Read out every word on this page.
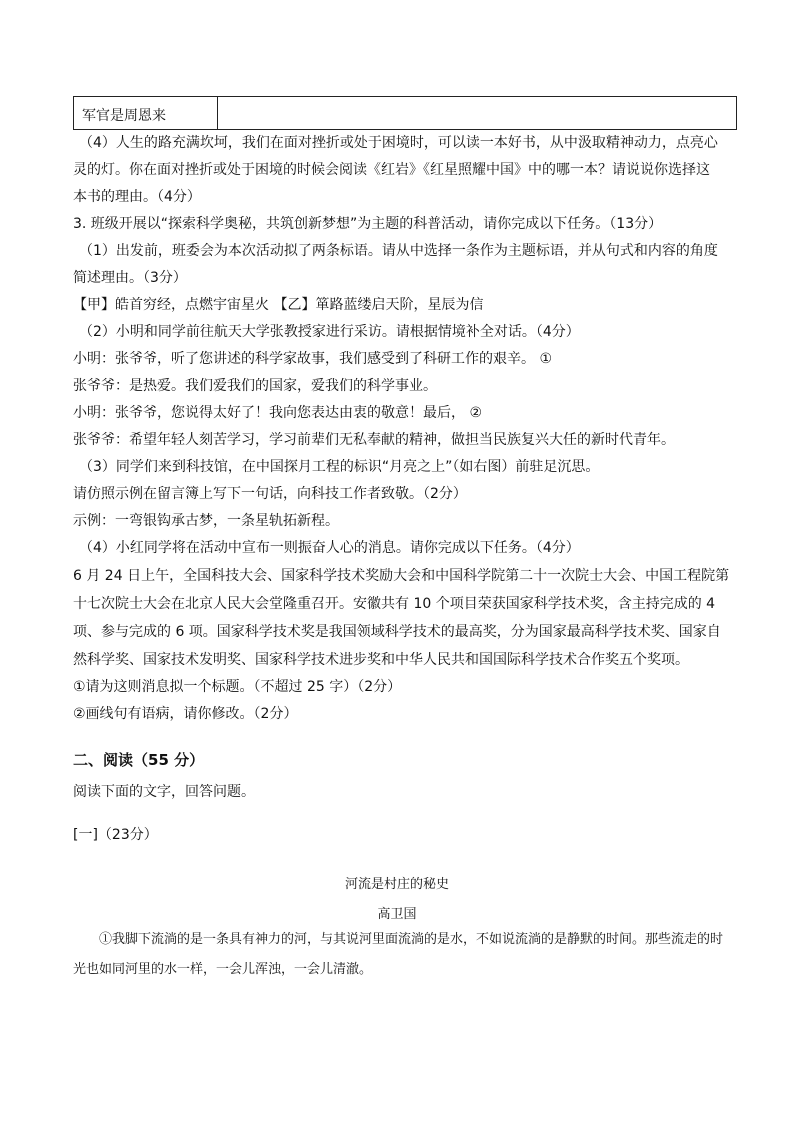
军官是周恩来
（4）人生的路充满坎坷，我们在面对挫折或处于困境时，可以读一本好书，从中汲取精神动力，点亮心
灵的灯。你在面对挫折或处于困境的时候会阅读《红岩》《红星照耀中国》中的哪一本？请说说你选择这
本书的理由。（4分）
3. 班级开展以“探索科学奥秘，共筑创新梦想”为主题的科普活动，请你完成以下任务。（13分）
（1）出发前，班委会为本次活动拟了两条标语。请从中选择一条作为主题标语，并从句式和内容的角度
简述理由。（3分）
【甲】皓首穷经，点燃宇宙星火 【乙】箪路蓝缕启天阶，星辰为信
（2）小明和同学前往航天大学张教授家进行采访。请根据情境补全对话。（4分）
小明：张爷爷，听了您讲述的科学家故事，我们感受到了科研工作的艰辛。 ①
张爷爷：是热爱。我们爱我们的国家，爱我们的科学事业。
小明：张爷爷，您说得太好了！我向您表达由衷的敬意！最后， ②
张爷爷：希望年轻人刻苦学习，学习前辈们无私奉献的精神，做担当民族复兴大任的新时代青年。
（3）同学们来到科技馆，在中国探月工程的标识“月亮之上”（如右图）前驻足沉思。
请仿照示例在留言簿上写下一句话，向科技工作者致敬。（2分）
示例：一弯银钩承古梦，一条星轨拓新程。
（4）小红同学将在活动中宣布一则振奋人心的消息。请你完成以下任务。（4分）
6 月 24 日上午，全国科技大会、国家科学技术奖励大会和中国科学院第二十一次院士大会、中国工程院第
十七次院士大会在北京人民大会堂隆重召开。安徽共有 10 个项目荣获国家科学技术奖，含主持完成的 4
项、参与完成的 6 项。国家科学技术奖是我国领域科学技术的最高奖，分为国家最高科学技术奖、国家自
然科学奖、国家技术发明奖、国家科学技术进步奖和中华人民共和国国际科学技术合作奖五个奖项。
①请为这则消息拟一个标题。（不超过 25 字）（2分）
②画线句有语病，请你修改。（2分）
二、阅读（55 分）
阅读下面的文字，回答问题。
[一]（23分）
河流是村庄的秘史
高卫国
①我脚下流淌的是一条具有神力的河，与其说河里面流淌的是水，不如说流淌的是静默的时间。那些流走的时光也如同河里的水一样，一会儿浑浊，一会儿清澈。
